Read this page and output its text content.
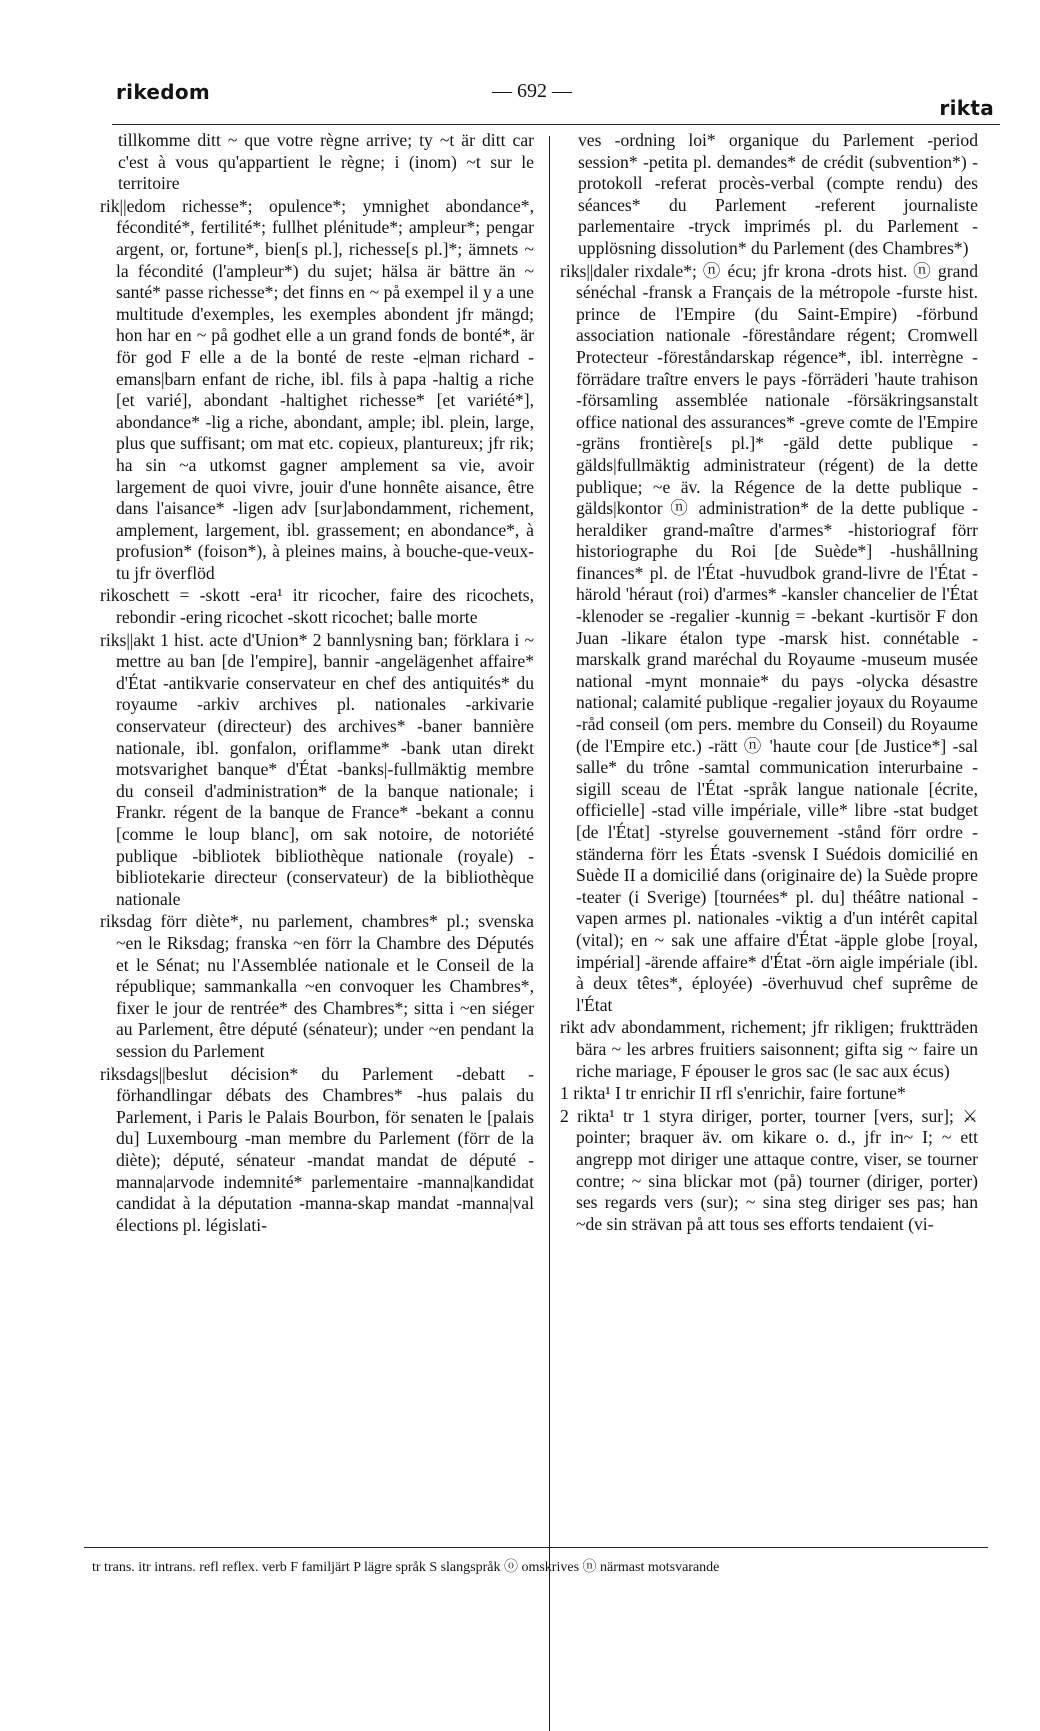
rikedom	— 692 —
rikta

tillkomme ditt ~ que votre règne arrive; ty ~t är ditt car c'est à vous qu'appartient le règne; i (inom) ~t sur le territoire

rik||edom richesse*; opulence*; ymnighet abondance*, fécondité*, fertilité*; fullhet plénitude*; ampleur*; pengar argent, or, fortune*, bien[s pl.], richesse[s pl.]*; ämnets ~ la fécondité (l'ampleur*) du sujet; hälsa är bättre än ~ santé* passe richesse*; det finns en ~ på exempel il y a une multitude d'exemples, les exemples abondent jfr mängd; hon har en ~ på godhet elle a un grand fonds de bonté*, är för god F elle a de la bonté de reste -e|man richard -emans|barn enfant de riche, ibl. fils à papa -haltig a riche [et varié], abondant -haltighet richesse* [et variété*], abondance* -lig a riche, abondant, ample; ibl. plein, large, plus que suffisant; om mat etc. copieux, plantureux; jfr rik; ha sin ~a utkomst gagner amplement sa vie, avoir largement de quoi vivre, jouir d'une honnête aisance, être dans l'aisance* -ligen adv [sur]abondamment, richement, amplement, largement, ibl. grassement; en abondance*, à profusion* (foison*), à pleines mains, à bouche-que-veux-tu jfr överflöd

rikoschett = -skott -era¹ itr ricocher, faire des ricochets, rebondir -ering ricochet -skott ricochet; balle morte

riks||akt 1 hist. acte d'Union* 2 bannlysning ban; förklara i ~ mettre au ban [de l'empire], bannir -angelägenhet affaire* d'État -antikvarie conservateur en chef des antiquités* du royaume -arkiv archives pl. nationales -arkivarie conservateur (directeur) des archives* -baner bannière nationale, ibl. gonfalon, oriflamme* -bank utan direkt motsvarighet banque* d'État -banks|-fullmäktig membre du conseil d'administration* de la banque nationale; i Frankr. régent de la banque de France* -bekant a connu [comme le loup blanc], om sak notoire, de notoriété publique -bibliotek bibliothèque nationale (royale) -bibliotekarie directeur (conservateur) de la bibliothèque nationale

riksdag förr diète*, nu parlement, chambres* pl.; svenska ~en le Riksdag; franska ~en förr la Chambre des Députés et le Sénat; nu l'Assemblée nationale et le Conseil de la république; sammankalla ~en convoquer les Chambres*, fixer le jour de rentrée* des Chambres*; sitta i ~en siéger au Parlement, être député (sénateur); under ~en pendant la session du Parlement

riksdags||beslut décision* du Parlement -debatt -förhandlingar débats des Chambres* -hus palais du Parlement, i Paris le Palais Bourbon, för senaten le [palais du] Luxembourg -man membre du Parlement (förr de la diète); député, sénateur -mandat mandat de député -manna|arvode indemnité* parlementaire -manna|kandidat candidat à la députation -manna-skap mandat -manna|val élections pl. législati-

ves -ordning loi* organique du Parlement -period session* -petita pl. demandes* de crédit (subvention*) -protokoll -referat procès-verbal (compte rendu) des séances* du Parlement -referent journaliste parlementaire -tryck imprimés pl. du Parlement -upplösning dissolution* du Parlement (des Chambres*)

riks||daler rixdale*; ⓝ écu; jfr krona -drots hist. ⓝ grand sénéchal -fransk a Français de la métropole -furste hist. prince de l'Empire (du Saint-Empire) -förbund association nationale -föreståndare régent; Cromwell Protecteur -föreståndarskap régence*, ibl. interrègne -förrädare traître envers le pays -förräderi 'haute trahison -församling assemblée nationale -försäkringsanstalt office national des assurances* -greve comte de l'Empire -gräns frontière[s pl.]* -gäld dette publique -gälds|fullmäktig administrateur (régent) de la dette publique; ~e äv. la Régence de la dette publique -gälds|kontor ⓝ administration* de la dette publique -heraldiker grand-maître d'armes* -historiograf förr historiographe du Roi [de Suède*] -hushållning finances* pl. de l'État -huvudbok grand-livre de l'État -härold 'héraut (roi) d'armes* -kansler chancelier de l'État -klenoder se -regalier -kunnig = -bekant -kurtisör F don Juan -likare étalon type -marsk hist. connétable -marskalk grand maréchal du Royaume -museum musée national -mynt monnaie* du pays -olycka désastre national; calamité publique -regalier joyaux du Royaume -råd conseil (om pers. membre du Conseil) du Royaume (de l'Empire etc.) -rätt ⓝ 'haute cour [de Justice*] -sal salle* du trône -samtal communication interurbaine -sigill sceau de l'État -språk langue nationale [écrite, officielle] -stad ville impériale, ville* libre -stat budget [de l'État] -styrelse gouvernement -stånd förr ordre -ständerna förr les États -svensk I Suédois domicilié en Suède II a domicilié dans (originaire de) la Suède propre -teater (i Sverige) [tournées* pl. du] théâtre national -vapen armes pl. nationales -viktig a d'un intérêt capital (vital); en ~ sak une affaire d'État -äpple globe [royal, impérial] -ärende affaire* d'État -örn aigle impériale (ibl. à deux têtes*, éployée) -överhuvud chef suprême de l'État

rikt adv abondamment, richement; jfr rikligen; fruktträden bära ~ les arbres fruitiers saisonnent; gifta sig ~ faire un riche mariage, F épouser le gros sac (le sac aux écus)

1 rikta¹ I tr enrichir II rfl s'enrichir, faire fortune*

2 rikta¹ tr 1 styra diriger, porter, tourner [vers, sur]; ⚔ pointer; braquer äv. om kikare o. d., jfr in~ I; ~ ett angrepp mot diriger une attaque contre, viser, se tourner contre; ~ sina blickar mot (på) tourner (diriger, porter) ses regards vers (sur); ~ sina steg diriger ses pas; han ~de sin strävan på att tous ses efforts tendaient (vi-

tr trans. itr intrans. refl reflex. verb F familjärt P lägre språk S slangspråk ⓞ omskrives ⓝ närmast motsvarande
